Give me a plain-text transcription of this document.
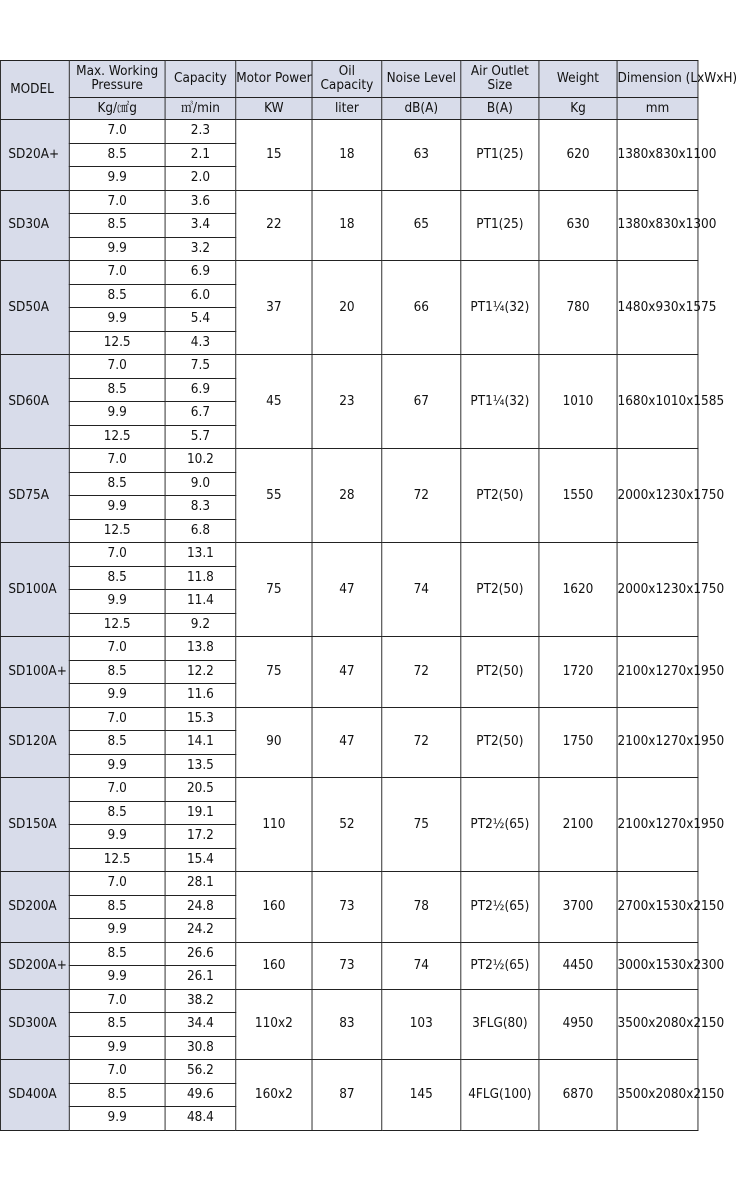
MODEL	Max. Working Pressure	Capacity	Motor Power	Oil Capacity	Noise Level	Air Outlet Size	Weight	Dimension (LxWxH)
	Kg/㎠g	㎥/min	KW	liter	dB(A)	B(A)	Kg	mm
SD20A+	7.0	2.3	15	18	63	PT1(25)	620	1380x830x1100
	8.5	2.1						
	9.9	2.0						
SD30A	7.0	3.6	22	18	65	PT1(25)	630	1380x830x1300
	8.5	3.4						
	9.9	3.2						
SD50A	7.0	6.9	37	20	66	PT1¼(32)	780	1480x930x1575
	8.5	6.0						
	9.9	5.4						
	12.5	4.3						
SD60A	7.0	7.5	45	23	67	PT1¼(32)	1010	1680x1010x1585
	8.5	6.9						
	9.9	6.7						
	12.5	5.7						
SD75A	7.0	10.2	55	28	72	PT2(50)	1550	2000x1230x1750
	8.5	9.0						
	9.9	8.3						
	12.5	6.8						
SD100A	7.0	13.1	75	47	74	PT2(50)	1620	2000x1230x1750
	8.5	11.8						
	9.9	11.4						
	12.5	9.2						
SD100A+	7.0	13.8	75	47	72	PT2(50)	1720	2100x1270x1950
	8.5	12.2						
	9.9	11.6						
SD120A	7.0	15.3	90	47	72	PT2(50)	1750	2100x1270x1950
	8.5	14.1						
	9.9	13.5						
SD150A	7.0	20.5	110	52	75	PT2½(65)	2100	2100x1270x1950
	8.5	19.1						
	9.9	17.2						
	12.5	15.4						
SD200A	7.0	28.1	160	73	78	PT2½(65)	3700	2700x1530x2150
	8.5	24.8						
	9.9	24.2						
SD200A+	8.5	26.6	160	73	74	PT2½(65)	4450	3000x1530x2300
	9.9	26.1						
SD300A	7.0	38.2	110x2	83	103	3FLG(80)	4950	3500x2080x2150
	8.5	34.4						
	9.9	30.8						
SD400A	7.0	56.2	160x2	87	145	4FLG(100)	6870	3500x2080x2150
	8.5	49.6						
	9.9	48.4						
